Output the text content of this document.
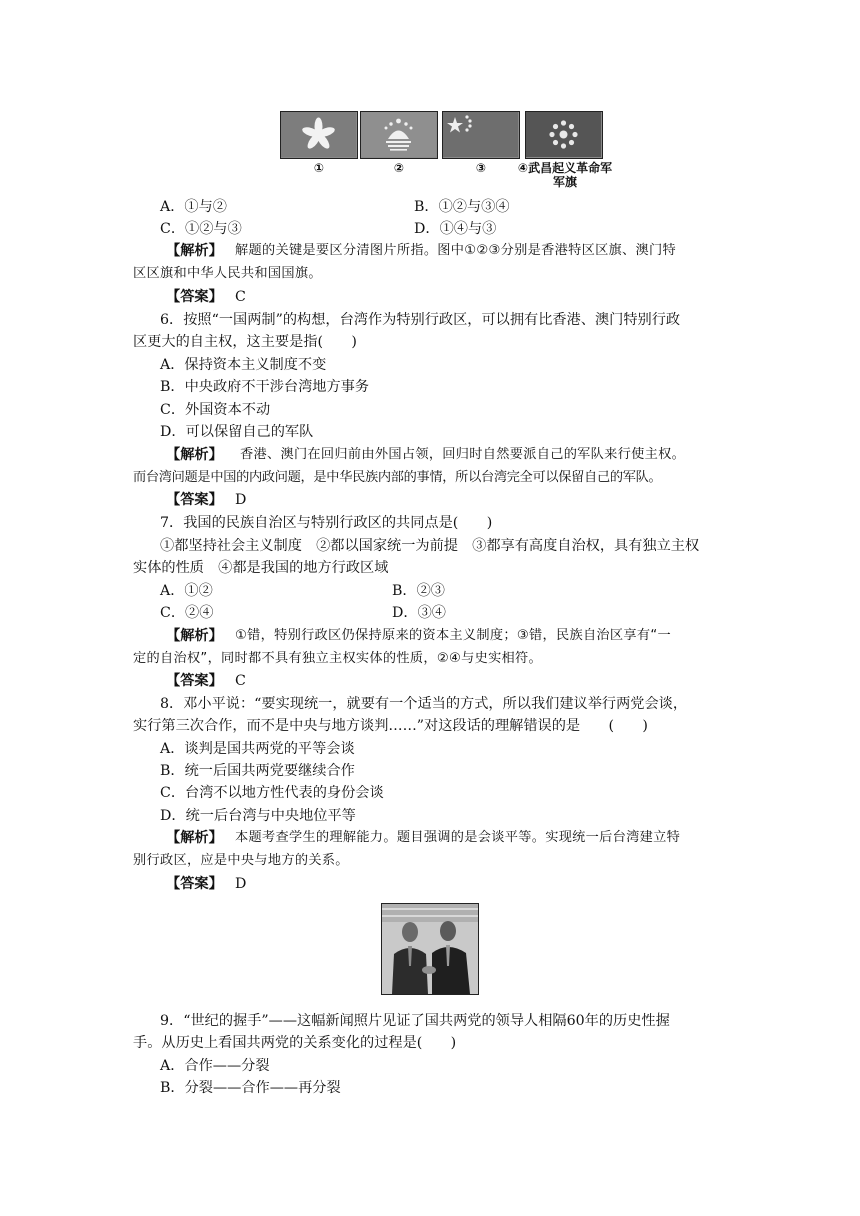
①	②	③	④武昌起义革命军
军旗
A．①与②	B．①②与③④
C．①②与③	D．①④与③
【解析】 解题的关键是要区分清图片所指。图中①②③分别是香港特区区旗、澳门特
区区旗和中华人民共和国国旗。
【答案】 C
6．按照“一国两制”的构想，台湾作为特别行政区，可以拥有比香港、澳门特别行政
区更大的自主权，这主要是指(　　)
A．保持资本主义制度不变
B．中央政府不干涉台湾地方事务
C．外国资本不动
D．可以保留自己的军队
【解析】 香港、澳门在回归前由外国占领，回归时自然要派自己的军队来行使主权。
而台湾问题是中国的内政问题，是中华民族内部的事情，所以台湾完全可以保留自己的军队。
【答案】 D
7．我国的民族自治区与特别行政区的共同点是(　　)
①都坚持社会主义制度　②都以国家统一为前提　③都享有高度自治权，具有独立主权
实体的性质　④都是我国的地方行政区域
A．①②	B．②③
C．②④	D．③④
【解析】 ①错，特别行政区仍保持原来的资本主义制度；③错，民族自治区享有“一
定的自治权”，同时都不具有独立主权实体的性质，②④与史实相符。
【答案】 C
8．邓小平说：“要实现统一，就要有一个适当的方式，所以我们建议举行两党会谈，
实行第三次合作，而不是中央与地方谈判……”对这段话的理解错误的是　　(　　)
A．谈判是国共两党的平等会谈
B．统一后国共两党要继续合作
C．台湾不以地方性代表的身份会谈
D．统一后台湾与中央地位平等
【解析】 本题考查学生的理解能力。题目强调的是会谈平等。实现统一后台湾建立特
别行政区，应是中央与地方的关系。
【答案】 D
9．“世纪的握手”——这幅新闻照片见证了国共两党的领导人相隔60年的历史性握
手。从历史上看国共两党的关系变化的过程是(　　)
A．合作——分裂
B．分裂——合作——再分裂
